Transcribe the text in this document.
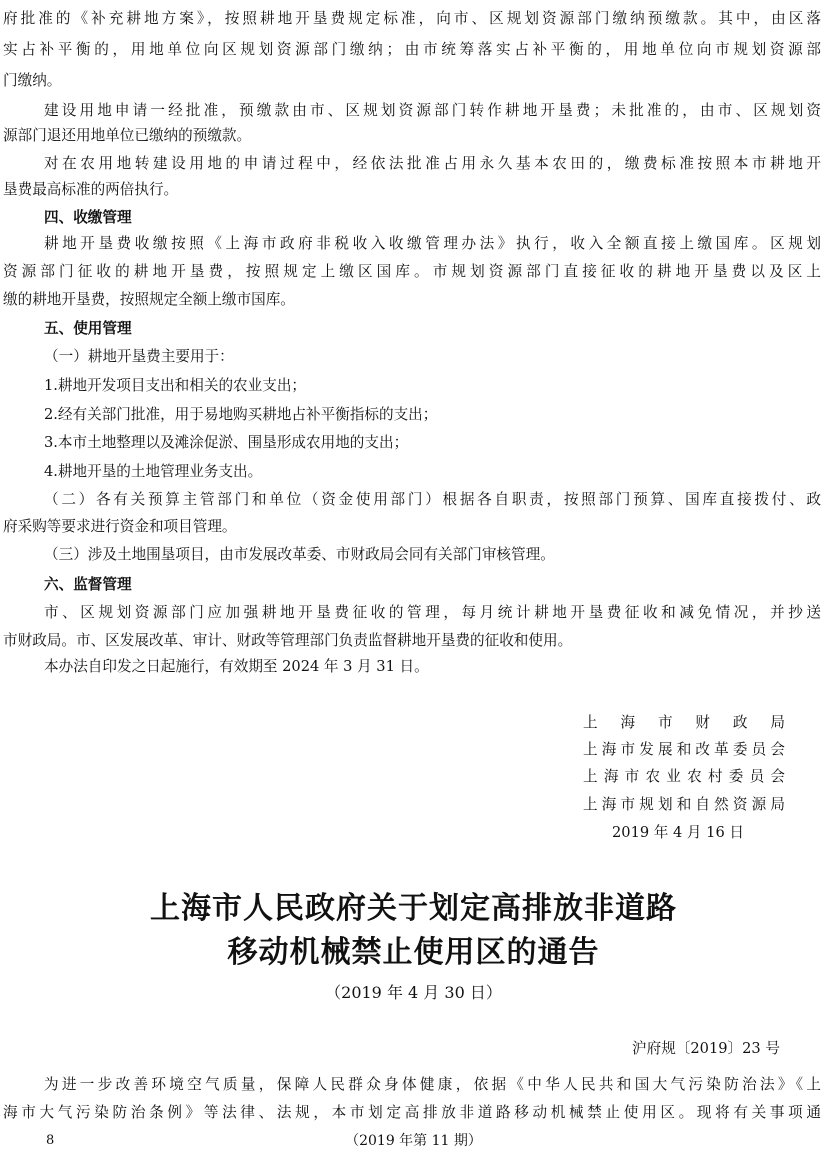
府批准的《补充耕地方案》，按照耕地开垦费规定标准，向市、区规划资源部门缴纳预缴款。其中，由区落

实占补平衡的，用地单位向区规划资源部门缴纳；由市统筹落实占补平衡的，用地单位向市规划资源部

门缴纳。

建设用地申请一经批准，预缴款由市、区规划资源部门转作耕地开垦费；未批准的，由市、区规划资

源部门退还用地单位已缴纳的预缴款。

对在农用地转建设用地的申请过程中，经依法批准占用永久基本农田的，缴费标准按照本市耕地开

垦费最高标准的两倍执行。

四、收缴管理

耕地开垦费收缴按照《上海市政府非税收入收缴管理办法》执行，收入全额直接上缴国库。区规划

资源部门征收的耕地开垦费，按照规定上缴区国库。市规划资源部门直接征收的耕地开垦费以及区上

缴的耕地开垦费，按照规定全额上缴市国库。

五、使用管理

（一）耕地开垦费主要用于：

1.耕地开发项目支出和相关的农业支出；

2.经有关部门批准，用于易地购买耕地占补平衡指标的支出；

3.本市土地整理以及滩涂促淤、围垦形成农用地的支出；

4.耕地开垦的土地管理业务支出。

（二）各有关预算主管部门和单位（资金使用部门）根据各自职责，按照部门预算、国库直接拨付、政

府采购等要求进行资金和项目管理。

（三）涉及土地围垦项目，由市发展改革委、市财政局会同有关部门审核管理。

六、监督管理

市、区规划资源部门应加强耕地开垦费征收的管理，每月统计耕地开垦费征收和减免情况，并抄送

市财政局。市、区发展改革、审计、财政等管理部门负责监督耕地开垦费的征收和使用。

本办法自印发之日起施行，有效期至 2024 年 3 月 31 日。

上海市财政局

上海市发展和改革委员会

上海市农业农村委员会

上海市规划和自然资源局

2019 年 4 月 16 日

上海市人民政府关于划定高排放非道路

移动机械禁止使用区的通告

（2019 年 4 月 30 日）

沪府规〔2019〕23 号

为进一步改善环境空气质量，保障人民群众身体健康，依据《中华人民共和国大气污染防治法》《上

海市大气污染防治条例》等法律、法规，本市划定高排放非道路移动机械禁止使用区。现将有关事项通

8	（2019 年第 11 期）
